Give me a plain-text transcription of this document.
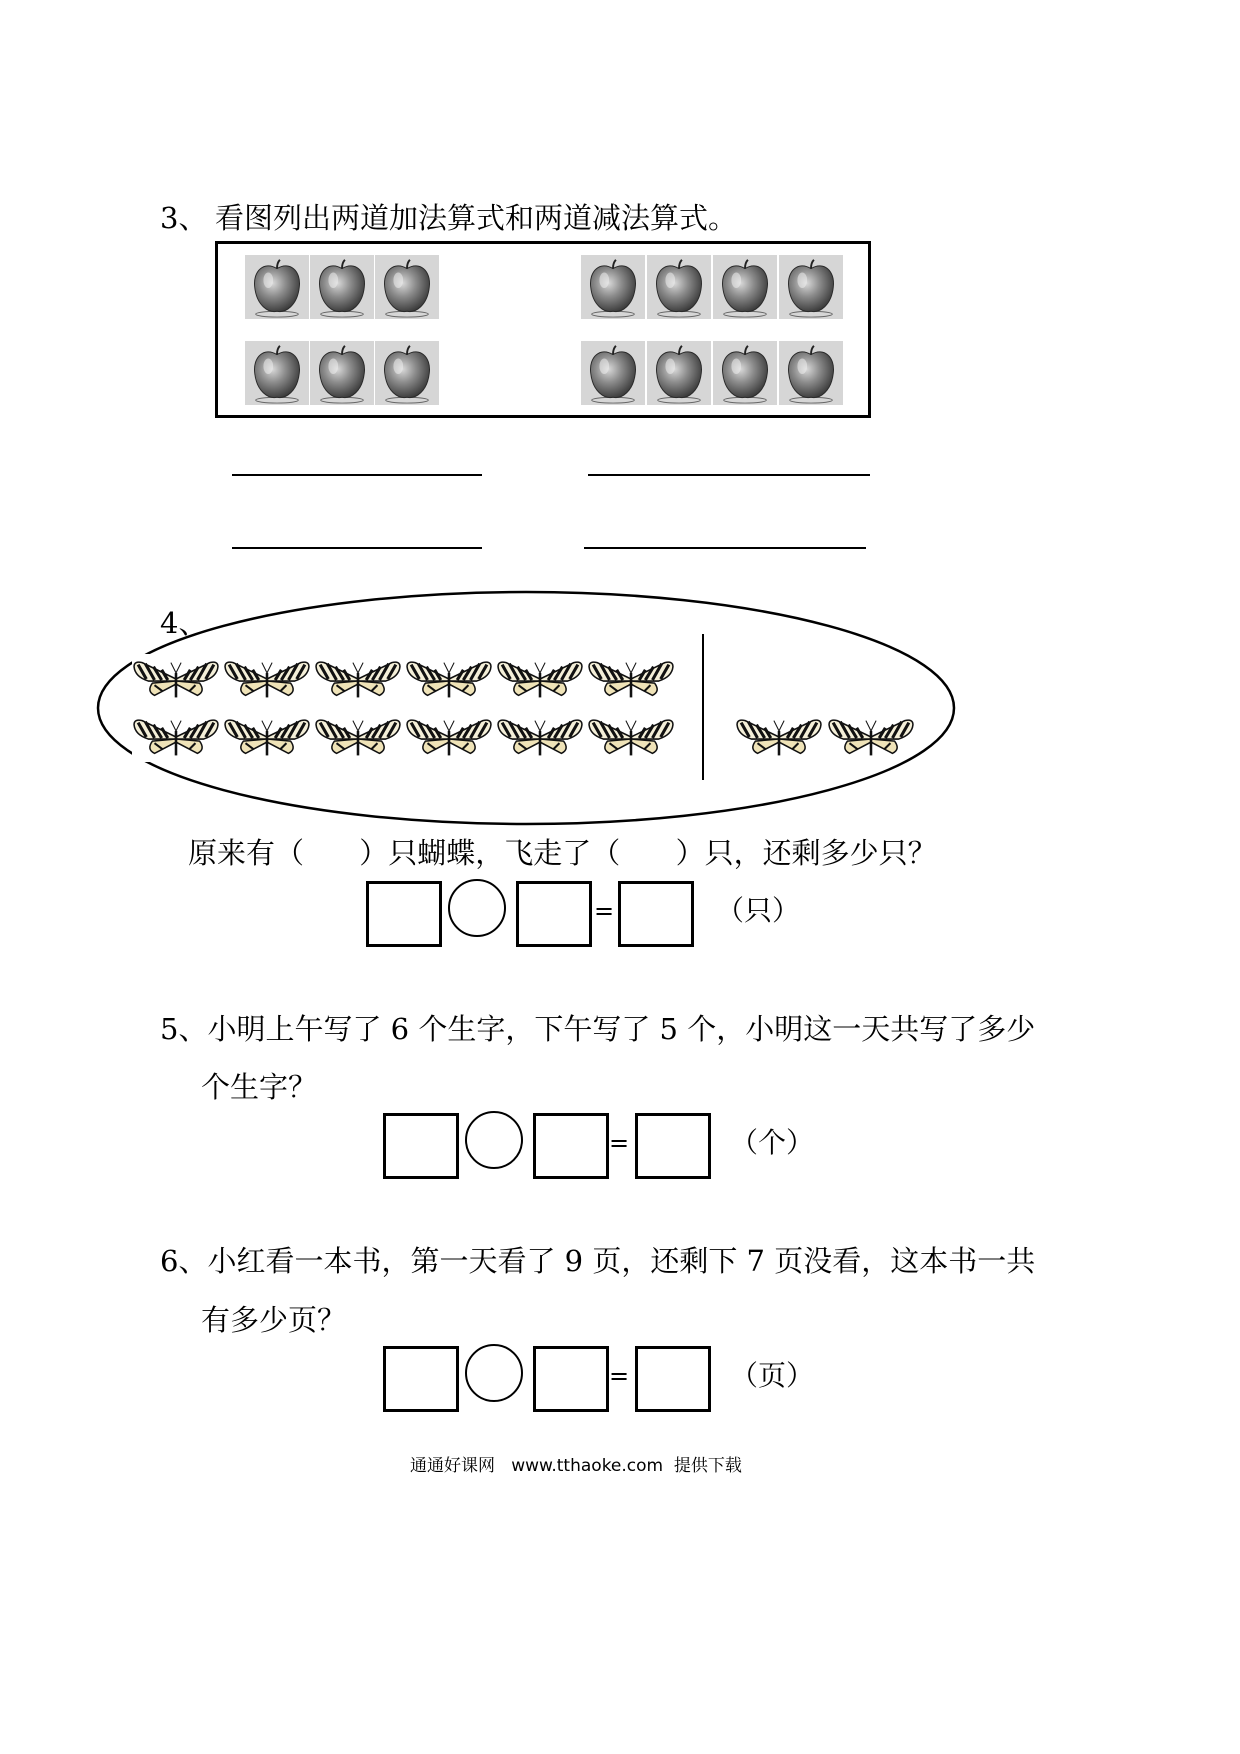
3、 看图列出两道加法算式和两道减法算式。
4、
原来有（      ）只蝴蝶，飞走了（      ）只，还剩多少只？
=	（只）
5、小明上午写了 6 个生字，下午写了 5 个，小明这一天共写了多少
个生字？
=	（个）
6、小红看一本书，第一天看了 9 页，还剩下 7 页没看，这本书一共
有多少页？
=	（页）
通通好课网   www.tthaoke.com  提供下载
